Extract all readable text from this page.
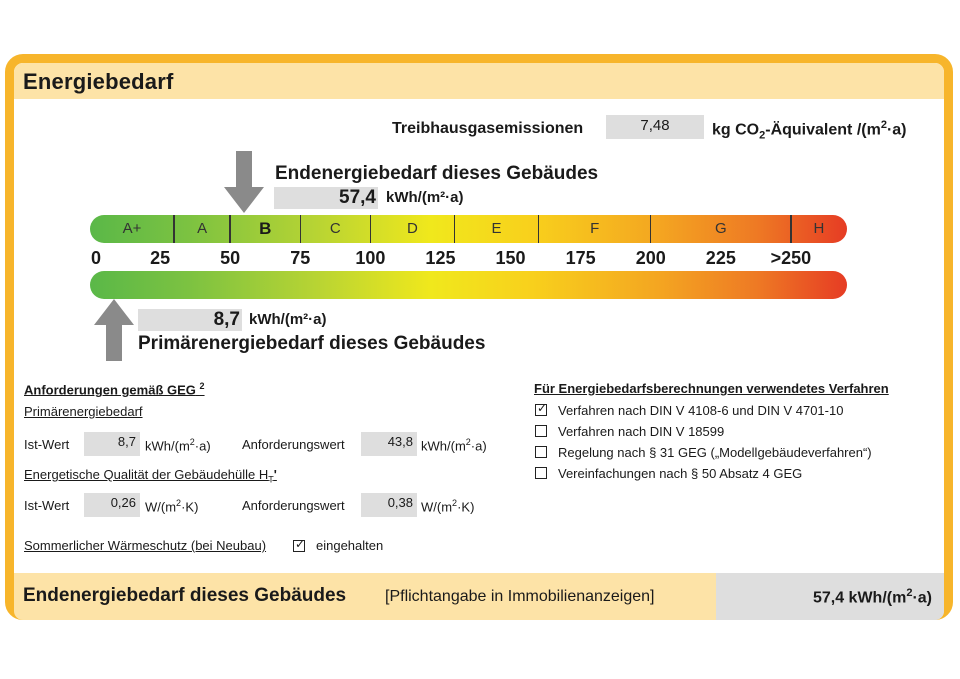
Energiebedarf
Treibhausgasemissionen	7,48	kg $CO_2$-Äquivalent $/(m^2\cdot a)$
Endenergiebedarf dieses Gebäudes
57,4 kWh/(m²·a)
A+	A	B	C	D	E	F	G	H
0	25	50	75	100 125 150 175 200 225 >250
8,7 kWh/(m²·a)
Primärenergiebedarf dieses Gebäudes
Anforderungen gemäß GEG $^2$
Primärenergiebedarf
Ist-Wert	8,7 kWh/$(m^2\cdot a)$ Anforderungswert	43,8 kWh/$(m^2\cdot a)$
Energetische Qualität der Gebäudehülle $H_T'$
Ist-Wert	0,26 $W/(m^2\cdot K)$	Anforderungswert	0,38 $W/(m^2\cdot K)$
Sommerlicher Wärmeschutz (bei Neubau) ✓ eingehalten
Für Energiebedarfsberechnungen verwendetes Verfahren
✓ Verfahren nach DIN V 4108-6 und DIN V 4701-10
Verfahren nach DIN V 18599
Regelung nach § 31 GEG („Modellgebäudeverfahren“)
Vereinfachungen nach § 50 Absatz 4 GEG
Endenergiebedarf dieses Gebäudes [Pflichtangabe in Immobilienanzeigen]	57,4 kWh/$(m^2\cdot a)$
